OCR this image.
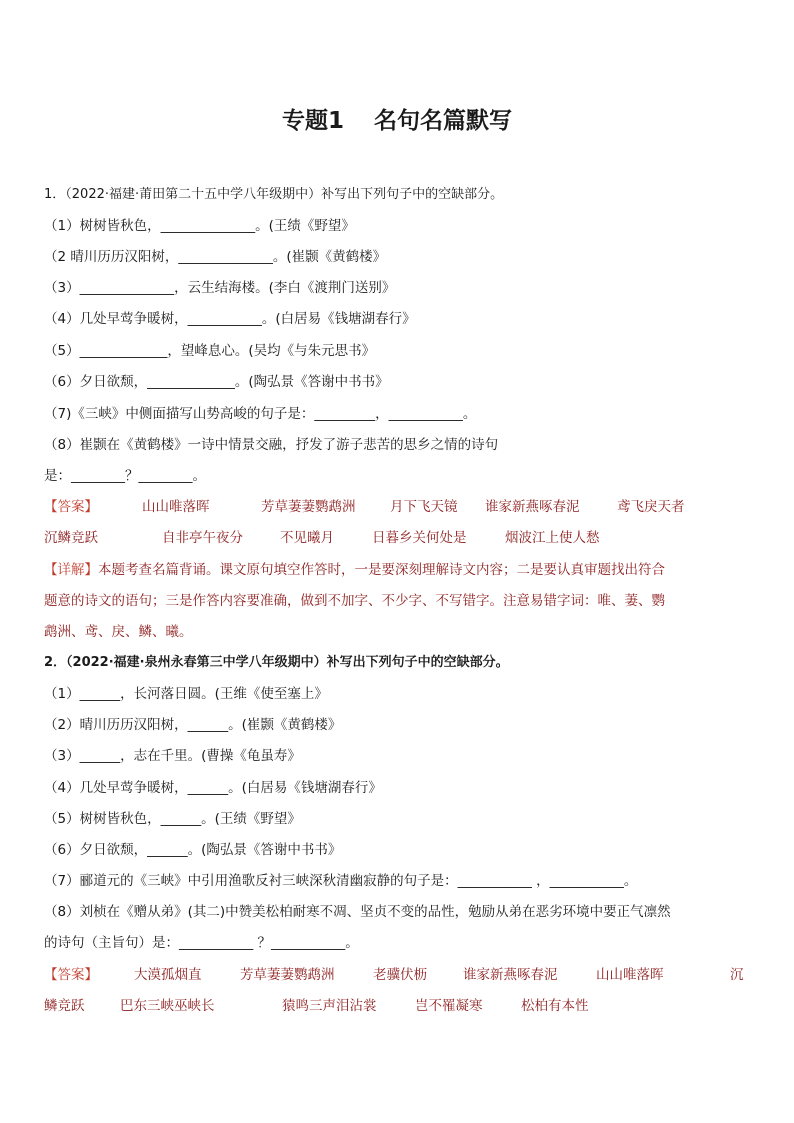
专题1 名句名篇默写
1．（2022·福建·莆田第二十五中学八年级期中）补写出下列句子中的空缺部分。
（1）树树皆秋色，______________。(王绩《野望》
（2 晴川历历汉阳树，______________。(崔颢《黄鹤楼》
（3）______________，云生结海楼。(李白《渡荆门送别》
（4）几处早莺争暖树，___________。(白居易《钱塘湖春行》
（5）_____________，望峰息心。(吴均《与朱元思书》
（6）夕日欲颓，_____________。(陶弘景《答谢中书书》
（7)《三峡》中侧面描写山势高峻的句子是：_________，___________。
（8）崔颢在《黄鹤楼》一诗中情景交融，抒发了游子悲苦的思乡之情的诗句
是：________？________。
【答案】	山山唯落晖	芳草萋萋鹦鹉洲	月下飞天镜 谁家新燕啄春泥	鸢飞戾天者
沉鳞竞跃	自非亭午夜分	不见曦月	日暮乡关何处是	烟波江上使人愁
【详解】本题考查名篇背诵。课文原句填空作答时，一是要深刻理解诗文内容；二是要认真审题找出符合
题意的诗文的语句；三是作答内容要准确，做到不加字、不少字、不写错字。注意易错字词：唯、萋、鹦
鹉洲、鸢、戾、鳞、曦。
2．（2022·福建·泉州永春第三中学八年级期中）补写出下列句子中的空缺部分。
（1）______，长河落日圆。(王维《使至塞上》
（2）晴川历历汉阳树，______。(崔颢《黄鹤楼》
（3）______，志在千里。(曹操《龟虽寿》
（4）几处早莺争暖树，______。(白居易《钱塘湖春行》
（5）树树皆秋色，______。(王绩《野望》
（6）夕日欲颓，______。(陶弘景《答谢中书书》
（7）郦道元的《三峡》中引用渔歌反衬三峡深秋清幽寂静的句子是：___________ ，___________。
（8）刘桢在《赠从弟》(其二)中赞美松柏耐寒不凋、坚贞不变的品性，勉励从弟在恶劣环境中要正气凛然
的诗句（主旨句）是：___________ ？___________。
【答案】	大漠孤烟直	芳草萋萋鹦鹉洲	老骥伏枥	谁家新燕啄春泥	山山唯落晖	沉
鳞竞跃	巴东三峡巫峡长	猿鸣三声泪沾裳	岂不罹凝寒	松柏有本性
